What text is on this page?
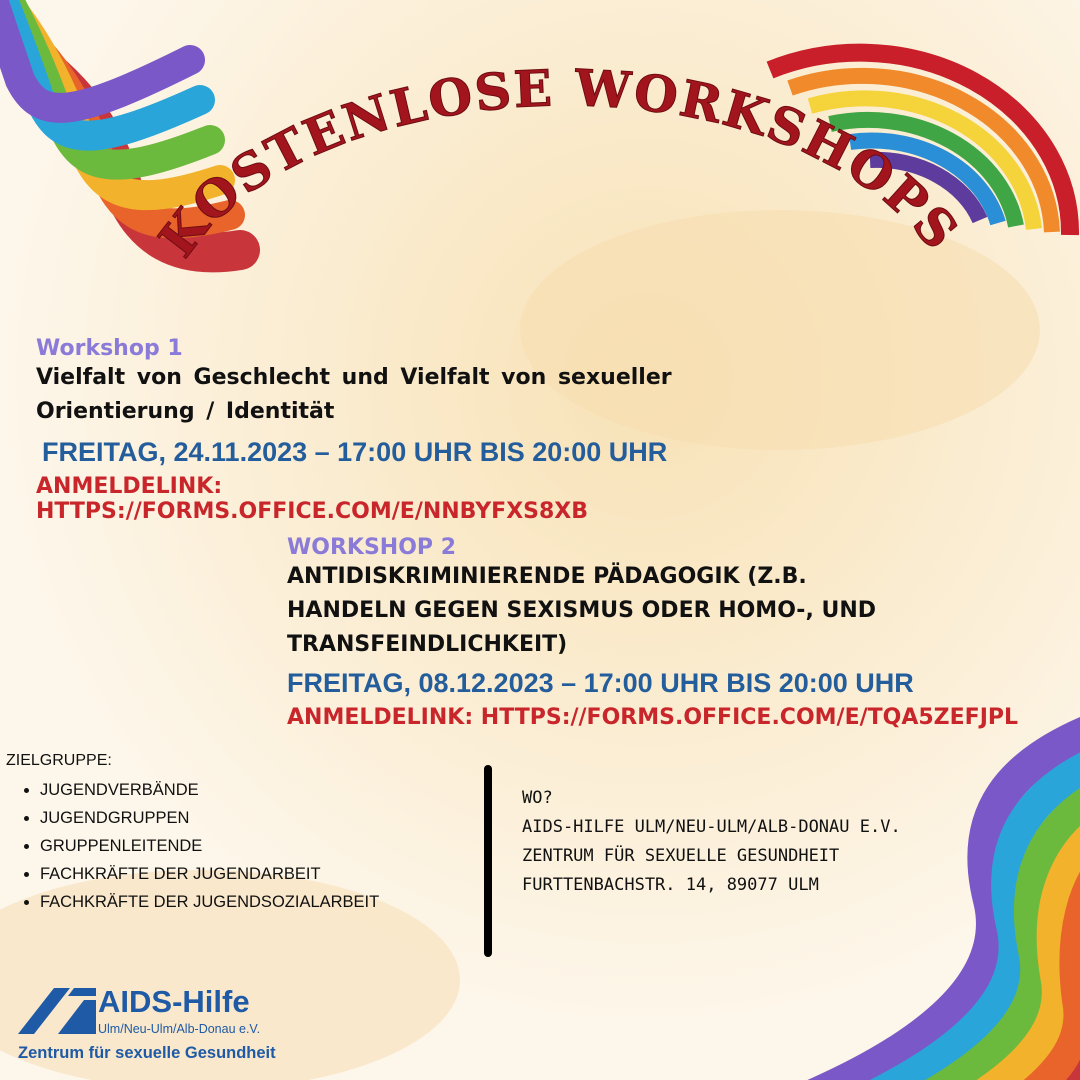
KOSTENLOSE WORKSHOPS
Workshop 1
Vielfalt von Geschlecht und Vielfalt von sexueller
Orientierung / Identität
FREITAG, 24.11.2023 – 17:00 UHR BIS 20:00 UHR
ANMELDELINK: HTTPS://FORMS.OFFICE.COM/E/NNBYFXS8XB
WORKSHOP 2
ANTIDISKRIMINIERENDE PÄDAGOGIK (Z.B.
HANDELN GEGEN SEXISMUS ODER HOMO-, UND
TRANSFEINDLICHKEIT)
FREITAG, 08.12.2023 – 17:00 UHR BIS 20:00 UHR
ANMELDELINK: HTTPS://FORMS.OFFICE.COM/E/TQA5ZEFJPL
ZIELGRUPPE:
• JUGENDVERBÄNDE
• JUGENDGRUPPEN
• GRUPPENLEITENDE
• FACHKRÄFTE DER JUGENDARBEIT
• FACHKRÄFTE DER JUGENDSOZIALARBEIT
WO?
AIDS-HILFE ULM/NEU-ULM/ALB-DONAU E.V.
ZENTRUM FÜR SEXUELLE GESUNDHEIT
FURTTENBACHSTR. 14, 89077 ULM
AIDS-Hilfe
Ulm/Neu-Ulm/Alb-Donau e.V.
Zentrum für sexuelle Gesundheit
